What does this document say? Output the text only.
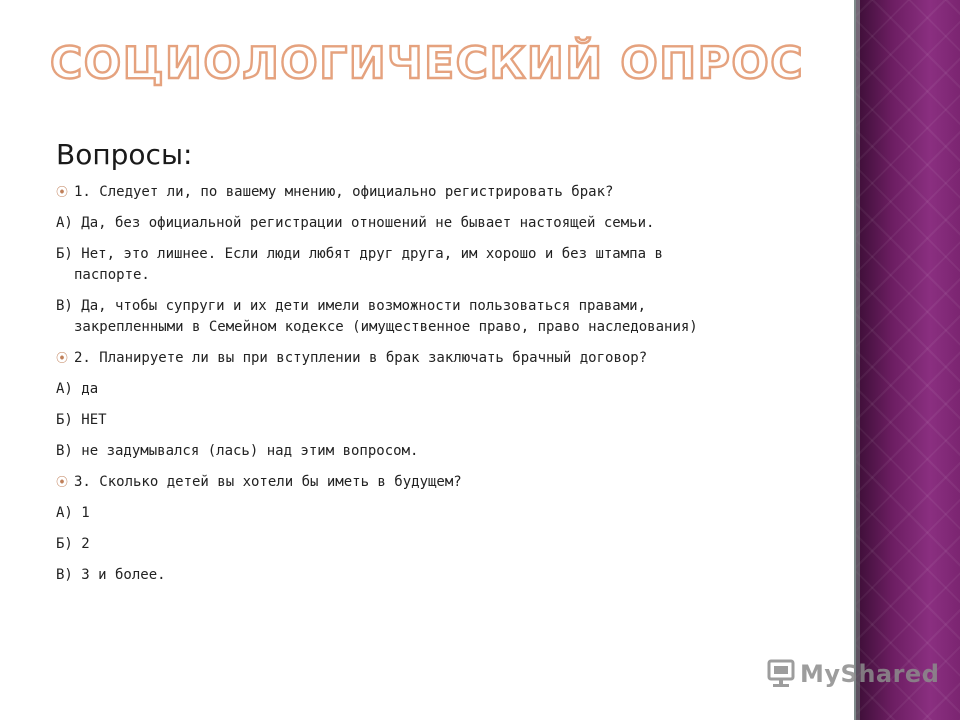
СОЦИОЛОГИЧЕСКИЙ ОПРОС
Вопросы:
⦿ 1. Следует ли, по вашему мнению, официально регистрировать брак?
А) Да, без официальной регистрации отношений не бывает настоящей семьи.
Б) Нет, это лишнее. Если люди любят друг друга, им хорошо и без штампа в паспорте.
В) Да, чтобы супруги и их дети имели возможности пользоваться правами, закрепленными в Семейном кодексе (имущественное право, право наследования)
⦿ 2. Планируете ли вы при вступлении в брак заключать брачный договор?
А) да
Б) НЕТ
В) не задумывался (лась) над этим вопросом.
⦿ 3. Сколько детей вы хотели бы иметь в будущем?
А) 1
Б) 2
В) 3 и более.
MyShared
